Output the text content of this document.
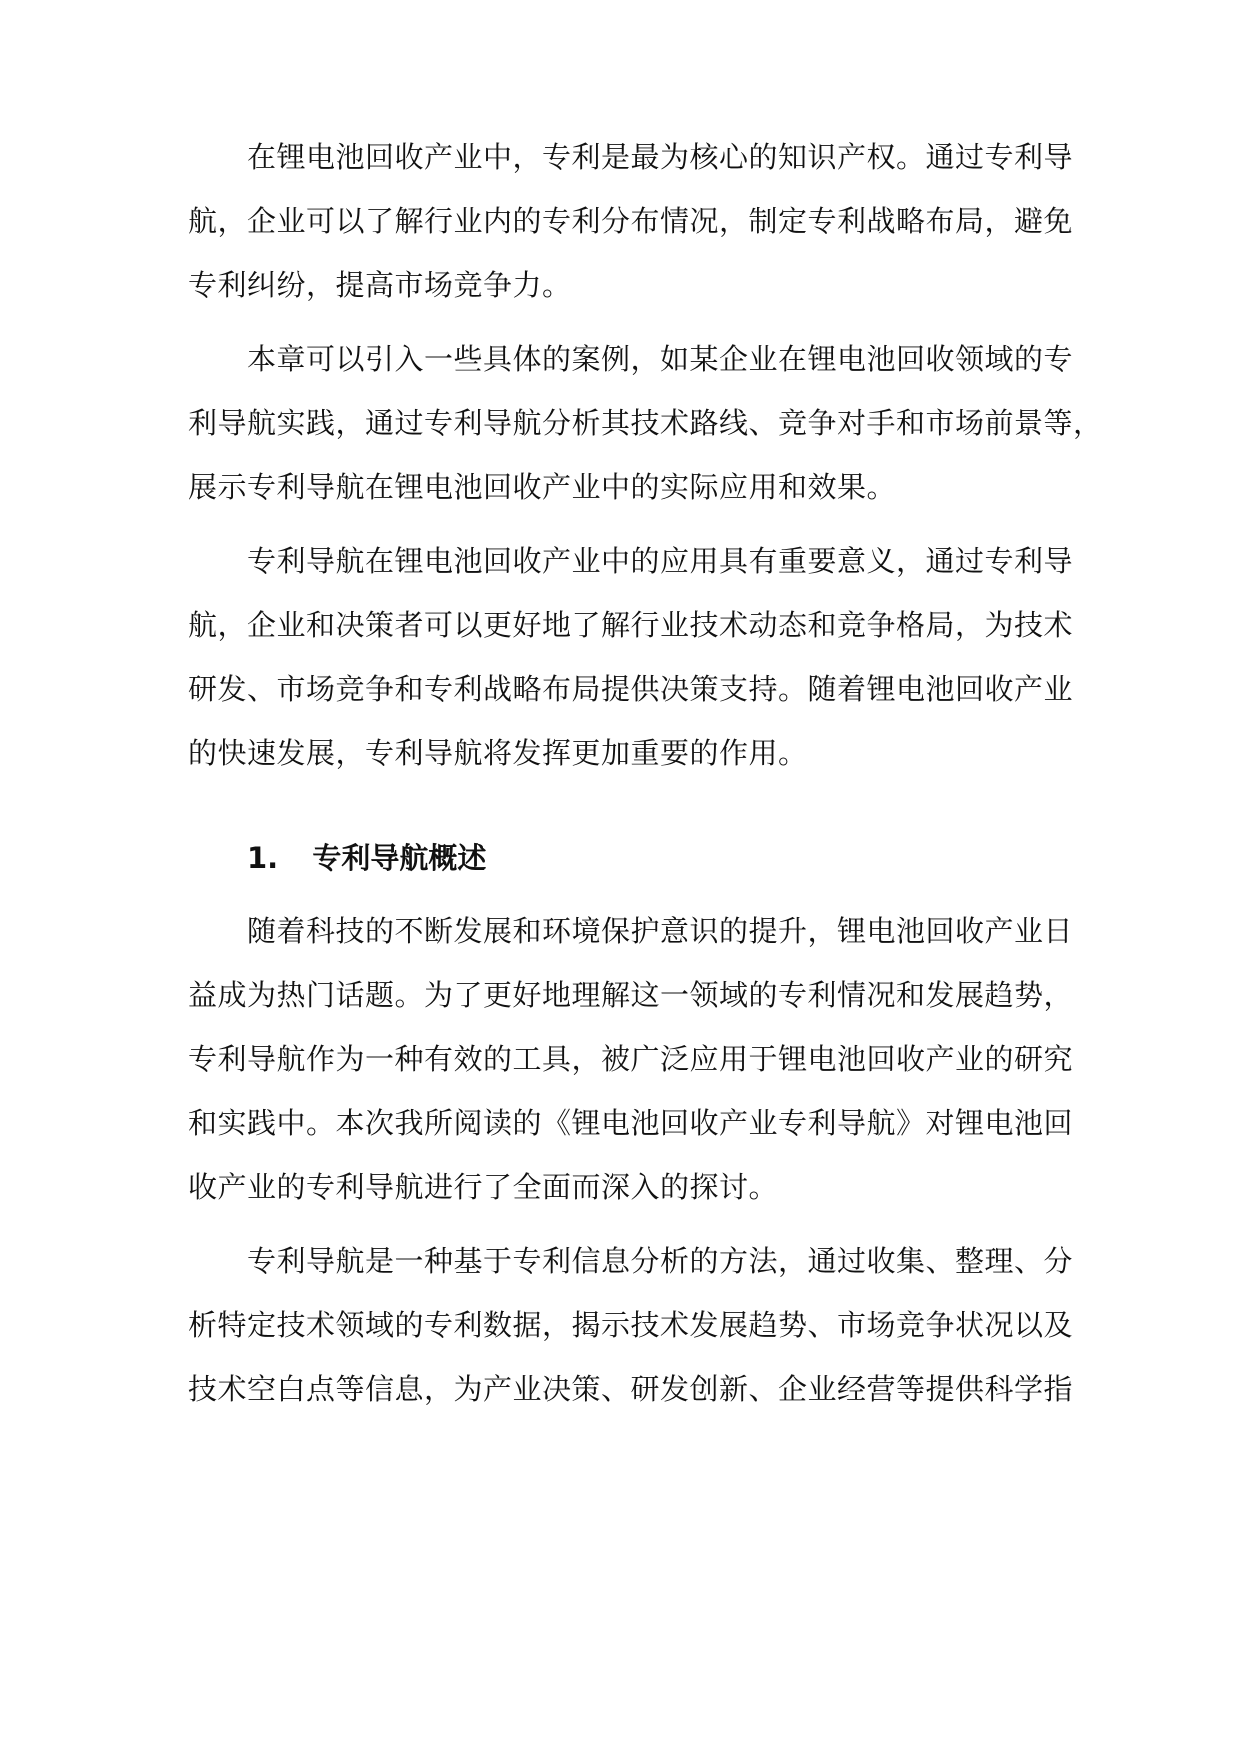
在锂电池回收产业中，专利是最为核心的知识产权。通过专利导
航，企业可以了解行业内的专利分布情况，制定专利战略布局，避免
专利纠纷，提高市场竞争力。
本章可以引入一些具体的案例，如某企业在锂电池回收领域的专
利导航实践，通过专利导航分析其技术路线、竞争对手和市场前景等，
展示专利导航在锂电池回收产业中的实际应用和效果。
专利导航在锂电池回收产业中的应用具有重要意义，通过专利导
航，企业和决策者可以更好地了解行业技术动态和竞争格局，为技术
研发、市场竞争和专利战略布局提供决策支持。随着锂电池回收产业
的快速发展，专利导航将发挥更加重要的作用。
1. 专利导航概述
随着科技的不断发展和环境保护意识的提升，锂电池回收产业日
益成为热门话题。为了更好地理解这一领域的专利情况和发展趋势，
专利导航作为一种有效的工具，被广泛应用于锂电池回收产业的研究
和实践中。本次我所阅读的《锂电池回收产业专利导航》对锂电池回
收产业的专利导航进行了全面而深入的探讨。
专利导航是一种基于专利信息分析的方法，通过收集、整理、分
析特定技术领域的专利数据，揭示技术发展趋势、市场竞争状况以及
技术空白点等信息，为产业决策、研发创新、企业经营等提供科学指
